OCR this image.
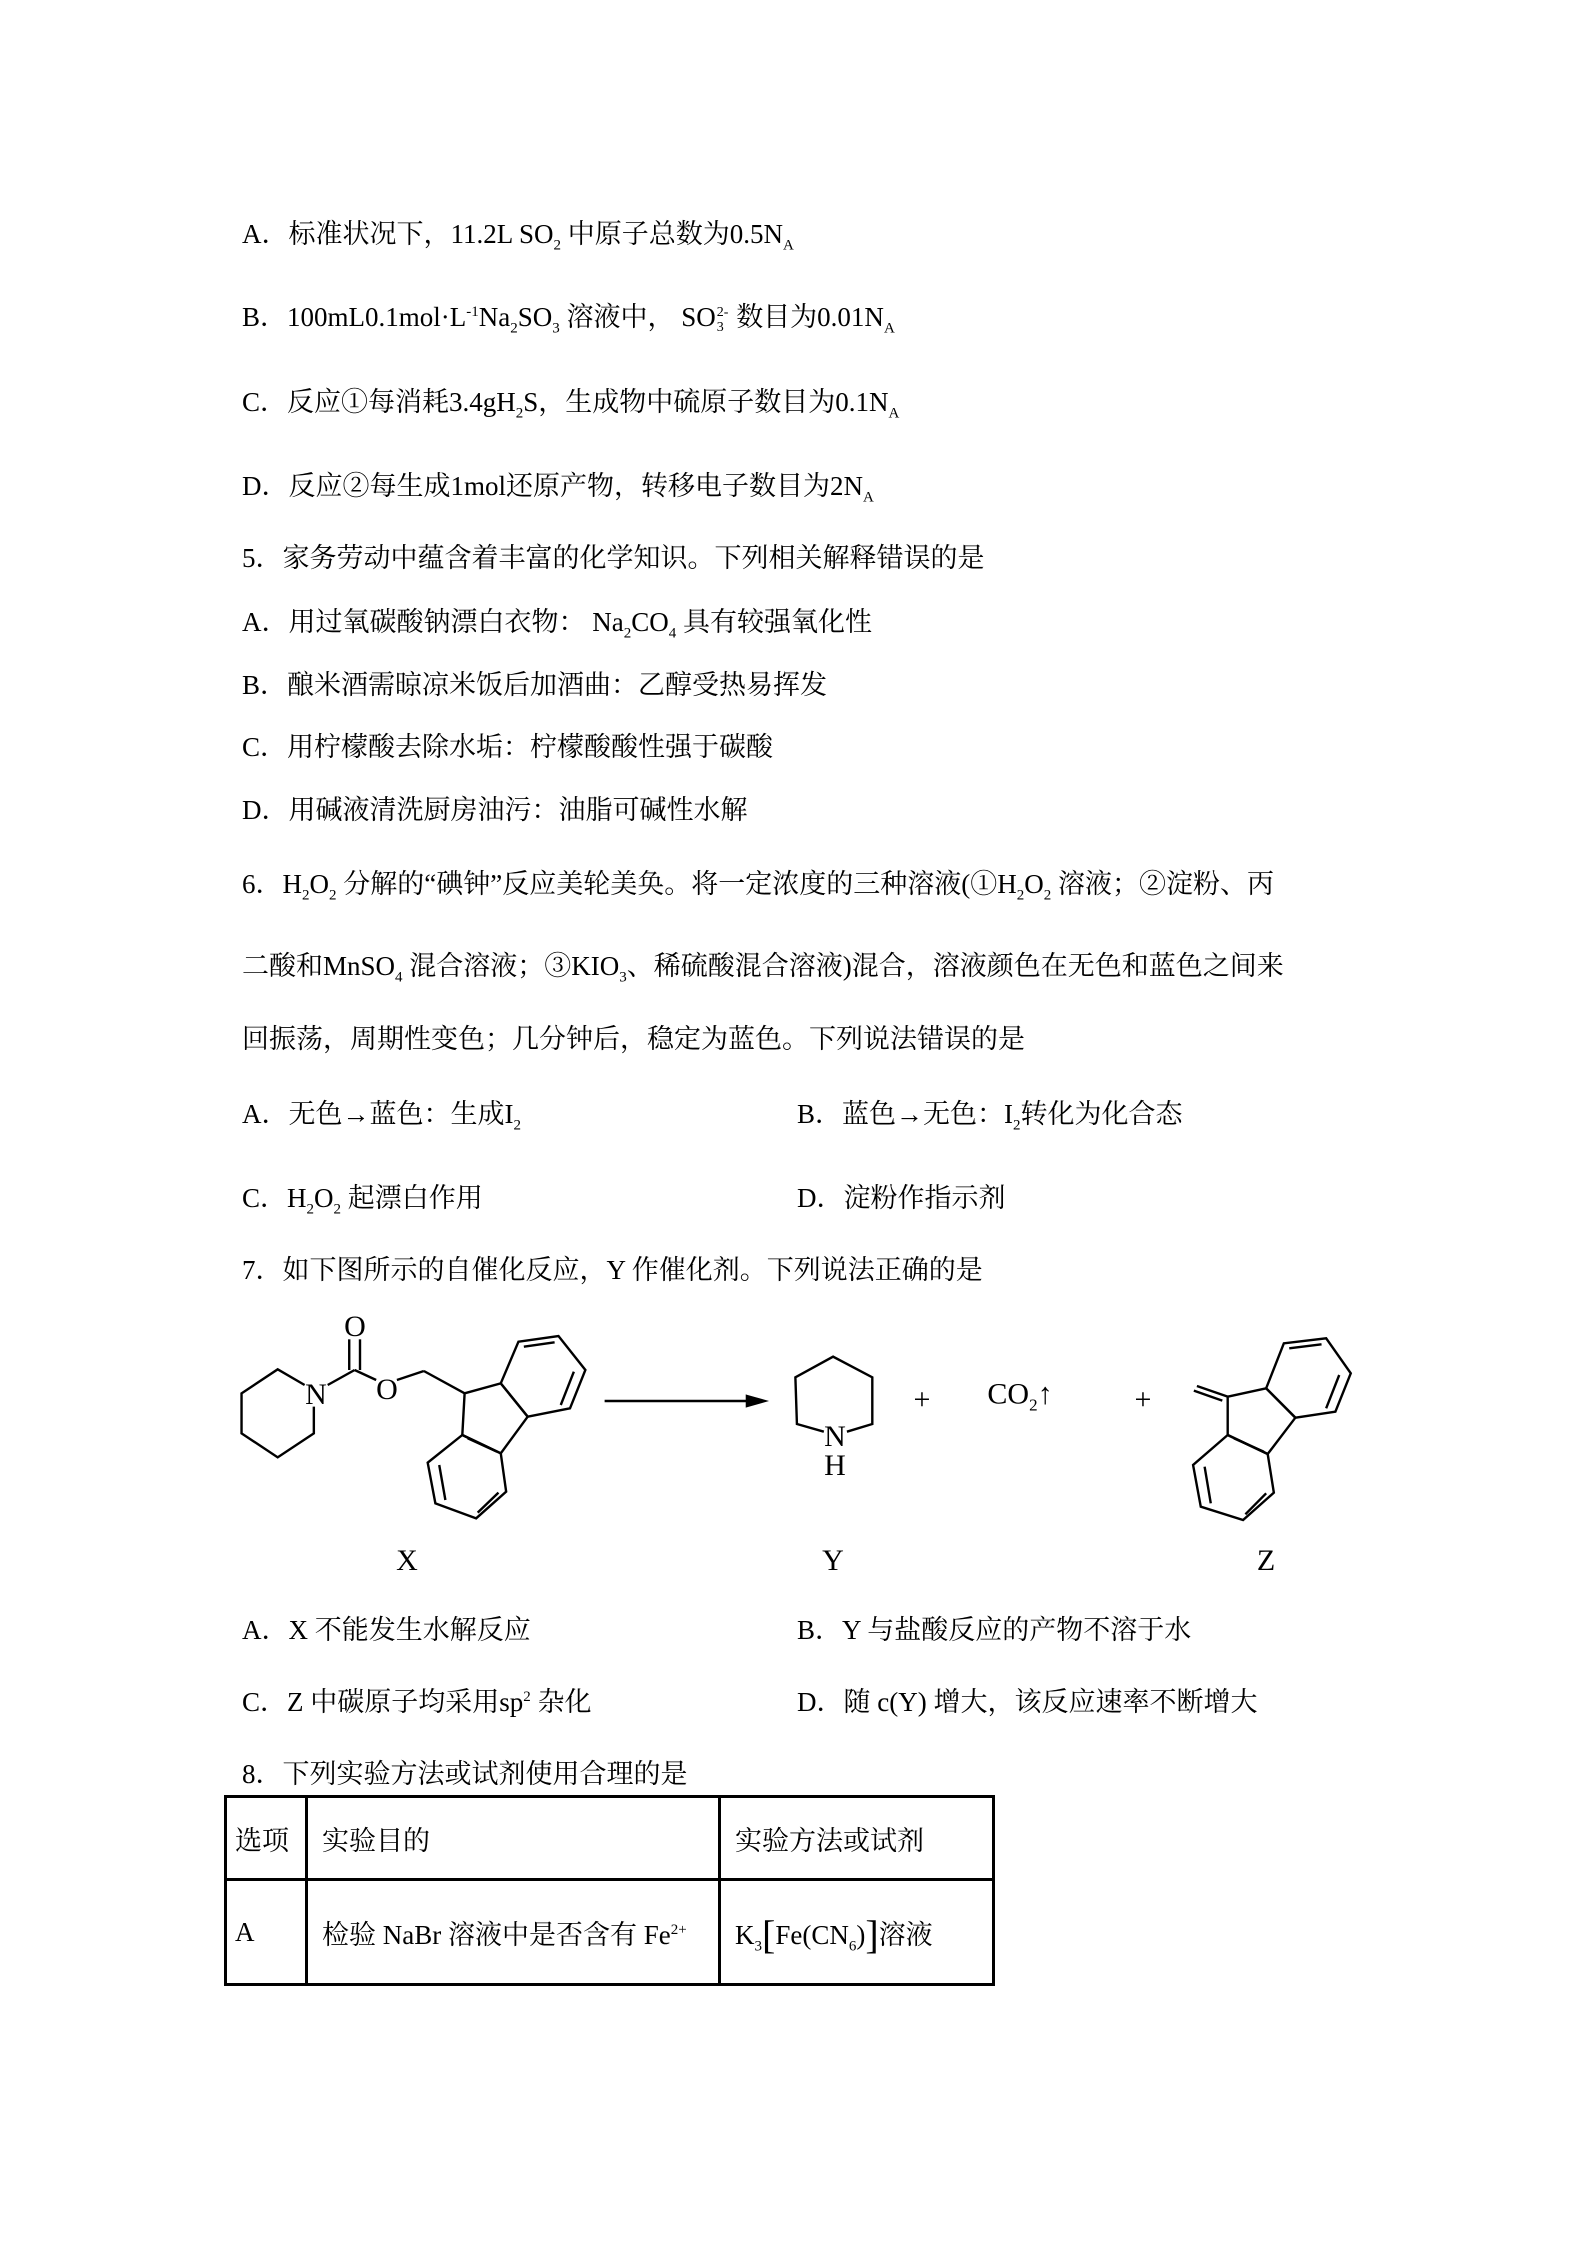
A．标准状况下，11.2L $SO_2$ 中原子总数为$0.5N_A$
B．$100mL0.1mol\cdot L^{-1}Na_2SO_3$ 溶液中， SO 2-
3 数目为$0.01N_A$
C．反应①每消耗$3.4gH_2S$，生成物中硫原子数目为$0.1N_A$
D．反应②每生成1mol还原产物，转移电子数目为$2N_A$
5．家务劳动中蕴含着丰富的化学知识。下列相关解释错误的是
A．用过氧碳酸钠漂白衣物： $Na_2CO_4$ 具有较强氧化性
B．酿米酒需晾凉米饭后加酒曲：乙醇受热易挥发
C．用柠檬酸去除水垢：柠檬酸酸性强于碳酸
D．用碱液清洗厨房油污：油脂可碱性水解
6．$H_2O_2$ 分解的“碘钟”反应美轮美奂。将一定浓度的三种溶液($①H_2O_2$ 溶液；②淀粉、丙
二酸和MnSO$_4$ 混合溶液；$③KIO_3$、稀硫酸混合溶液)混合，溶液颜色在无色和蓝色之间来
回振荡，周期性变色；几分钟后，稳定为蓝色。下列说法错误的是
A．无色→蓝色：生成$I_2$	B．蓝色→无色：$I_2$转化为化合态
C．$H_2O_2$ 起漂白作用	D．淀粉作指示剂
7．如下图所示的自催化反应，Y 作催化剂。下列说法正确的是
O
N O
N
H
+ $CO_2↑$	+
X	Y	Z
A．X 不能发生水解反应	B．Y 与盐酸反应的产物不溶于水
C．Z 中碳原子均采用$sp^2$ 杂化	D．随 c(Y) 增大，该反应速率不断增大
8．下列实验方法或试剂使用合理的是
选项	实验目的	实验方法或试剂
A	检验 NaBr 溶液中是否含有 $Fe^{2+}$	$K_3[Fe(CN_6)]$溶液
